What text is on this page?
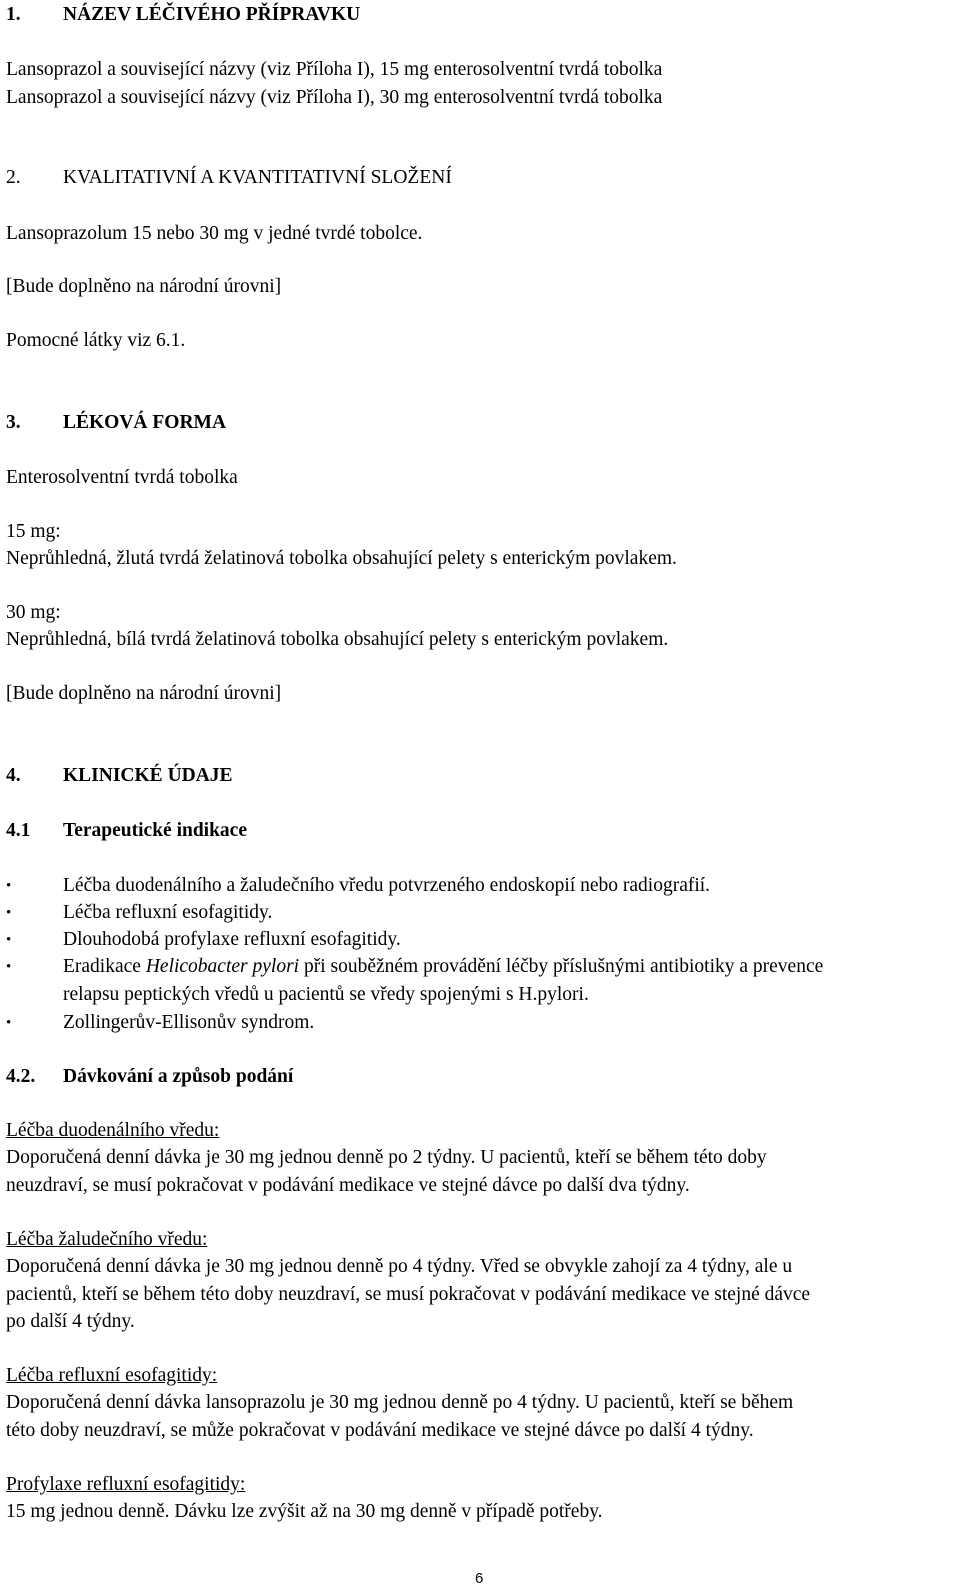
1. NÁZEV LÉČIVÉHO PŘÍPRAVKU
Lansoprazol a související názvy (viz Příloha I), 15 mg enterosolventní tvrdá tobolka
Lansoprazol a související názvy (viz Příloha I), 30 mg enterosolventní tvrdá tobolka
2. KVALITATIVNÍ A KVANTITATIVNÍ SLOŽENÍ
Lansoprazolum 15 nebo 30 mg v jedné tvrdé tobolce.
[Bude doplněno na národní úrovni]
Pomocné látky viz 6.1.
3. LÉKOVÁ FORMA
Enterosolventní tvrdá tobolka
15 mg:
Neprůhledná, žlutá tvrdá želatinová tobolka obsahující pelety s enterickým povlakem.
30 mg:
Neprůhledná, bílá tvrdá želatinová tobolka obsahující pelety s enterickým povlakem.
[Bude doplněno na národní úrovni]
4. KLINICKÉ ÚDAJE
4.1 Terapeutické indikace
•	Léčba duodenálního a žaludečního vředu potvrzeného endoskopií nebo radiografií.
•	Léčba refluxní esofagitidy.
•	Dlouhodobá profylaxe refluxní esofagitidy.
•	Eradikace Helicobacter pylori při souběžném provádění léčby příslušnými antibiotiky a prevence
relapsu peptických vředů u pacientů se vředy spojenými s H.pylori.
•	Zollingerův-Ellisonův syndrom.
4.2. Dávkování a způsob podání
Léčba duodenálního vředu:
Doporučená denní dávka je 30 mg jednou denně po 2 týdny. U pacientů, kteří se během této doby
neuzdraví, se musí pokračovat v podávání medikace ve stejné dávce po další dva týdny.
Léčba žaludečního vředu:
Doporučená denní dávka je 30 mg jednou denně po 4 týdny. Vřed se obvykle zahojí za 4 týdny, ale u
pacientů, kteří se během této doby neuzdraví, se musí pokračovat v podávání medikace ve stejné dávce
po další 4 týdny.
Léčba refluxní esofagitidy:
Doporučená denní dávka lansoprazolu je 30 mg jednou denně po 4 týdny. U pacientů, kteří se během
této doby neuzdraví, se může pokračovat v podávání medikace ve stejné dávce po další 4 týdny.
Profylaxe refluxní esofagitidy:
15 mg jednou denně. Dávku lze zvýšit až na 30 mg denně v případě potřeby.
6
